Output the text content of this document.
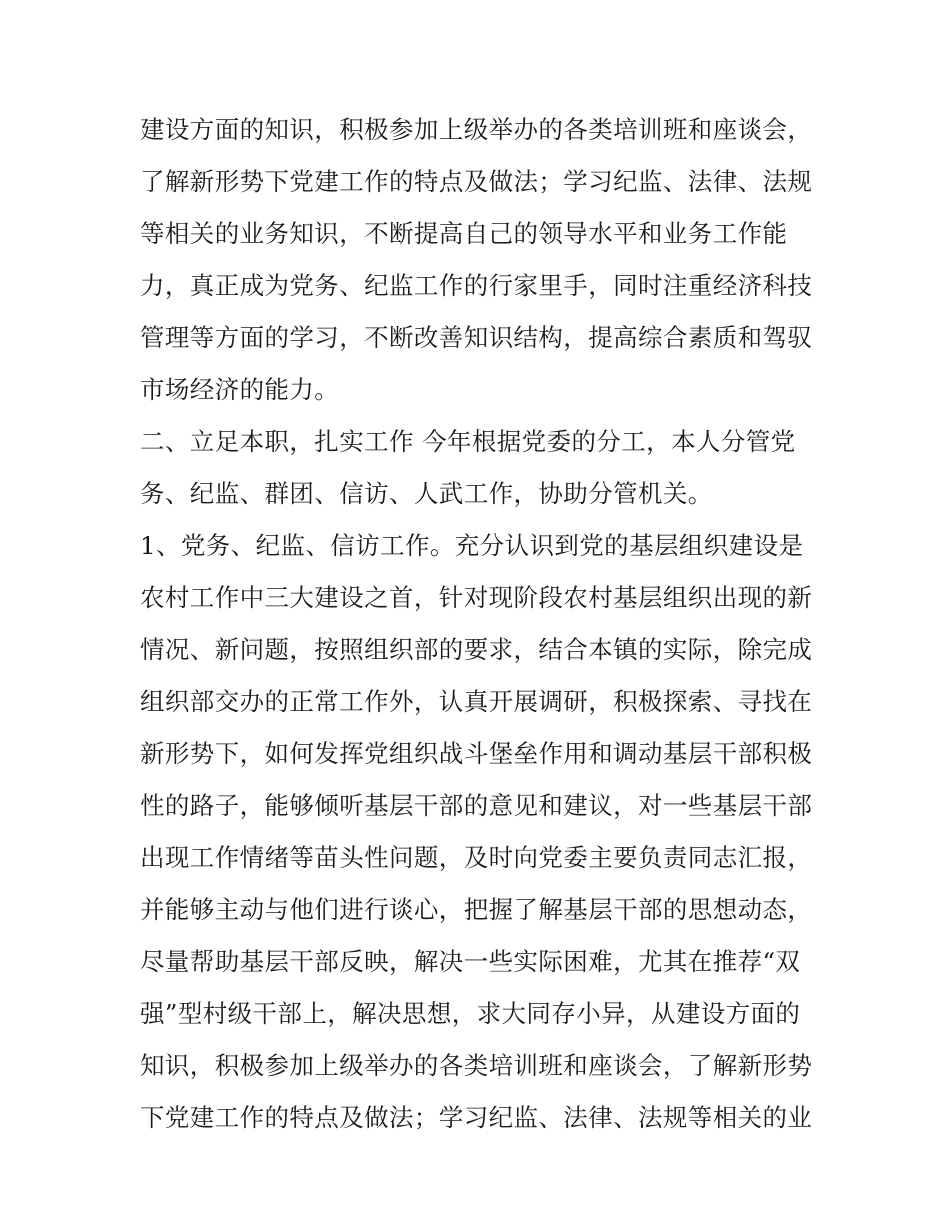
建设方面的知识，积极参加上级举办的各类培训班和座谈会，
了解新形势下党建工作的特点及做法；学习纪监、法律、法规
等相关的业务知识，不断提高自己的领导水平和业务工作能
力，真正成为党务、纪监工作的行家里手，同时注重经济科技
管理等方面的学习，不断改善知识结构，提高综合素质和驾驭
市场经济的能力。
二、立足本职，扎实工作 今年根据党委的分工，本人分管党
务、纪监、群团、信访、人武工作，协助分管机关。
1、党务、纪监、信访工作。充分认识到党的基层组织建设是
农村工作中三大建设之首，针对现阶段农村基层组织出现的新
情况、新问题，按照组织部的要求，结合本镇的实际，除完成
组织部交办的正常工作外，认真开展调研，积极探索、寻找在
新形势下，如何发挥党组织战斗堡垒作用和调动基层干部积极
性的路子，能够倾听基层干部的意见和建议，对一些基层干部
出现工作情绪等苗头性问题，及时向党委主要负责同志汇报，
并能够主动与他们进行谈心，把握了解基层干部的思想动态，
尽量帮助基层干部反映，解决一些实际困难，尤其在推荐“双
强”型村级干部上，解决思想，求大同存小异，从建设方面的
知识，积极参加上级举办的各类培训班和座谈会，了解新形势
下党建工作的特点及做法；学习纪监、法律、法规等相关的业
